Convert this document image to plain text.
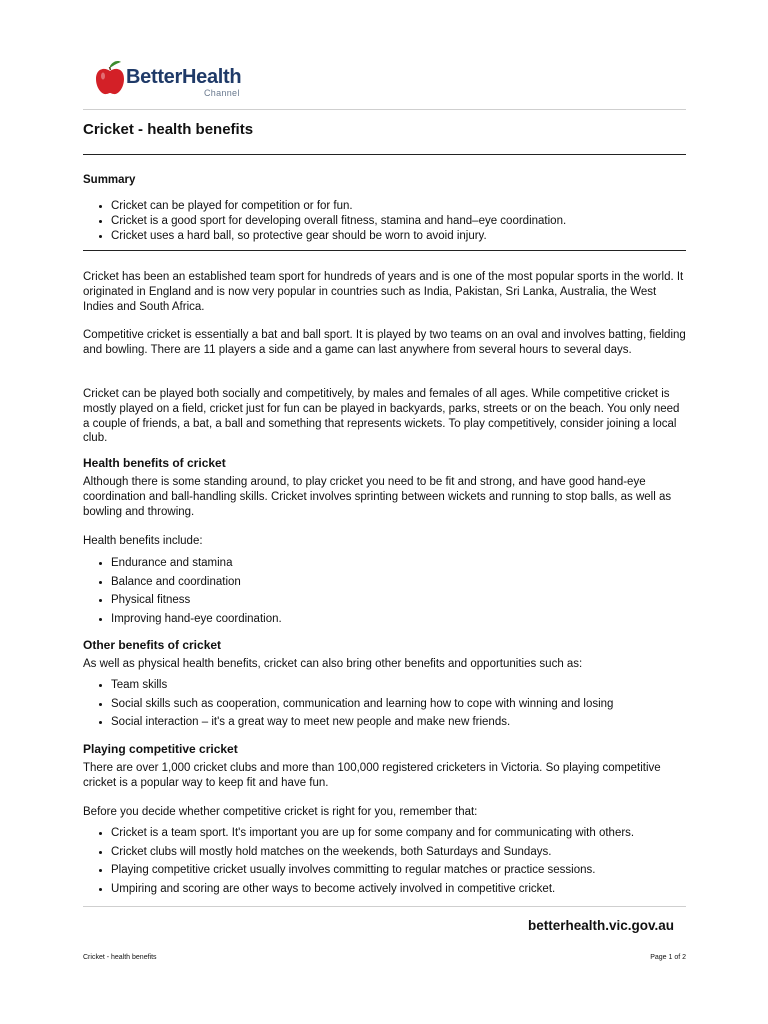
BetterHealth
Channel
Cricket - health benefits
Summary
Cricket can be played for competition or for fun.
Cricket is a good sport for developing overall fitness, stamina and hand–eye coordination.
Cricket uses a hard ball, so protective gear should be worn to avoid injury.

Cricket has been an established team sport for hundreds of years and is one of the most popular sports in the world. It originated in England and is now very popular in countries such as India, Pakistan, Sri Lanka, Australia, the West Indies and South Africa.

Competitive cricket is essentially a bat and ball sport. It is played by two teams on an oval and involves batting, fielding and bowling. There are 11 players a side and a game can last anywhere from several hours to several days.

Cricket can be played both socially and competitively, by males and females of all ages. While competitive cricket is mostly played on a field, cricket just for fun can be played in backyards, parks, streets or on the beach. You only need a couple of friends, a bat, a ball and something that represents wickets. To play competitively, consider joining a local club.

Health benefits of cricket

Although there is some standing around, to play cricket you need to be fit and strong, and have good hand-eye coordination and ball-handling skills. Cricket involves sprinting between wickets and running to stop balls, as well as bowling and throwing.

Health benefits include:

Endurance and stamina
Balance and coordination
Physical fitness
Improving hand-eye coordination.
Other benefits of cricket

As well as physical health benefits, cricket can also bring other benefits and opportunities such as:

Team skills
Social skills such as cooperation, communication and learning how to cope with winning and losing
Social interaction – it's a great way to meet new people and make new friends.
Playing competitive cricket

There are over 1,000 cricket clubs and more than 100,000 registered cricketers in Victoria. So playing competitive cricket is a popular way to keep fit and have fun.

Before you decide whether competitive cricket is right for you, remember that:

Cricket is a team sport. It's important you are up for some company and for communicating with others.
Cricket clubs will mostly hold matches on the weekends, both Saturdays and Sundays.
Playing competitive cricket usually involves committing to regular matches or practice sessions.
Umpiring and scoring are other ways to become actively involved in competitive cricket.
betterhealth.vic.gov.au
Cricket - health benefits	Page 1 of 2
